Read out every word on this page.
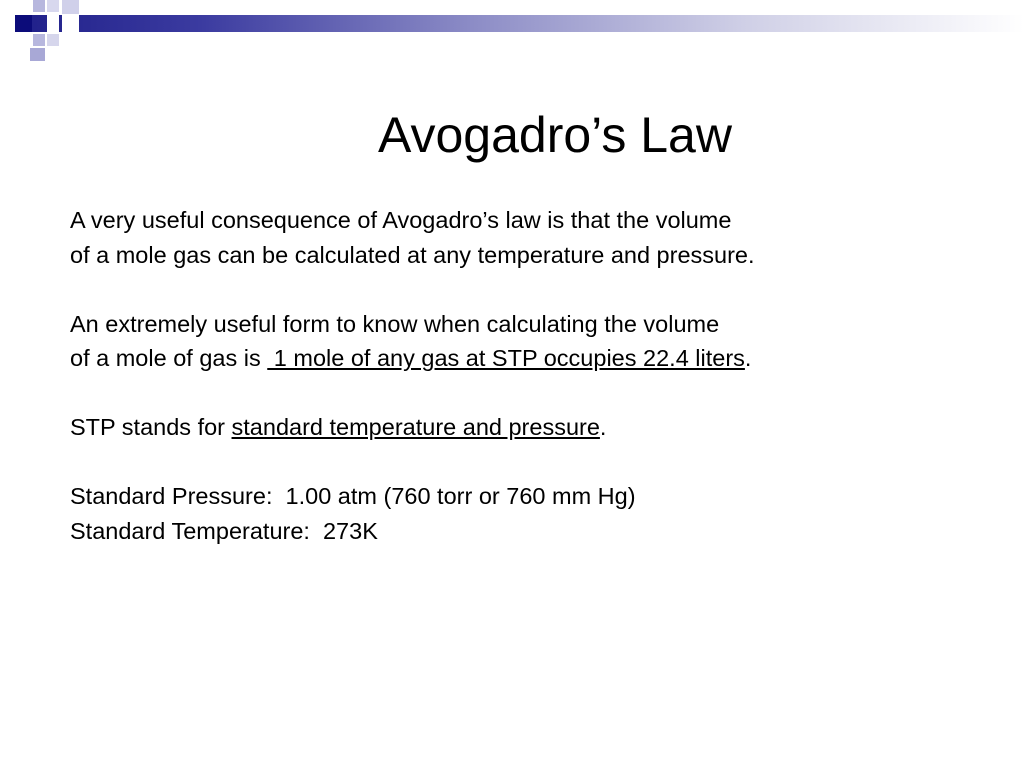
Avogadro’s Law

A very useful consequence of Avogadro’s law is that the volume

of a mole gas can be calculated at any temperature and pressure.

An extremely useful form to know when calculating the volume

of a mole of gas is  1 mole of any gas at STP occupies 22.4 liters.

STP stands for standard temperature and pressure.

Standard Pressure:  1.00 atm (760 torr or 760 mm Hg)

Standard Temperature:  273K
